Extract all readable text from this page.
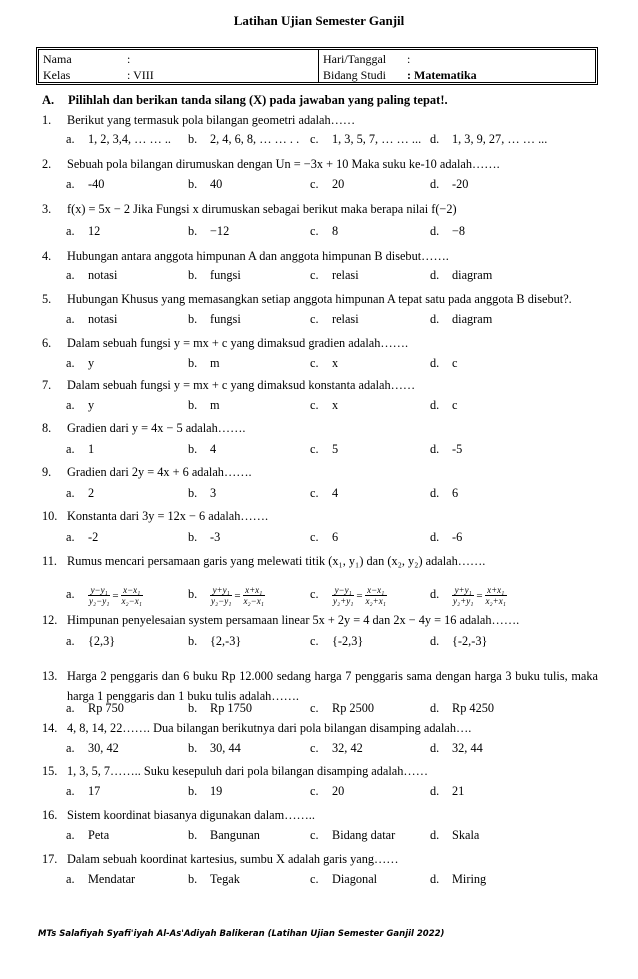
Latihan Ujian Semester Ganjil
Nama	:
Kelas	: VIII
Hari/Tanggal :
Bidang Studi : Matematika
A. Pilihlah dan berikan tanda silang (X) pada jawaban yang paling tepat!.
1. Berikut yang termasuk pola bilangan geometri adalah……
a. 1, 2, 3,4, … … .. b. 2, 4, 6, 8, … … . . c. 1, 3, 5, 7, … … ... d. 1, 3, 9, 27, … … ...
2. Sebuah pola bilangan dirumuskan dengan Un = −3x + 10 Maka suku ke-10 adalah…….
a. -40	b. 40	c. 20	d. -20
3. f(x) = 5x − 2 Jika Fungsi x dirumuskan sebagai berikut maka berapa nilai f(−2)
a. 12	b. −12	c. 8	d. −8
4. Hubungan antara anggota himpunan A dan anggota himpunan B disebut…….
a. notasi	b. fungsi	c. relasi	d. diagram
5. Hubungan Khusus yang memasangkan setiap anggota himpunan A tepat satu pada anggota B disebut?.
a. notasi	b. fungsi	c. relasi	d. diagram
6. Dalam sebuah fungsi y = mx + c yang dimaksud gradien adalah…….
a. y	b. m	c. x	d. c
7. Dalam sebuah fungsi y = mx + c yang dimaksud konstanta adalah……
a. y	b. m	c. x	d. c
8. Gradien dari y = 4x − 5 adalah…….
a. 1	b. 4	c. 5	d. -5
9. Gradien dari 2y = 4x + 6 adalah…….
a. 2	b. 3	c. 4	d. 6
10. Konstanta dari 3y = 12x − 6 adalah…….
a. -2	b. -3	c. 6	d. -6
11. Rumus mencari persamaan garis yang melewati titik (x₁, y₁) dan (x₂, y₂) adalah…….
a. $\frac{\text{y−y₁}}{\text{y₂−y₁}} = \frac{\text{x−x₁}}{\text{x₂−x₁}}$	b. $\frac{\text{y+y₁}}{\text{y₂−y₁}} = \frac{\text{x+x₁}}{\text{x₂−x₁}}$	c. $\frac{\text{y−y₁}}{\text{y₂+y₁}} = \frac{\text{x−x₁}}{\text{x₂+x₁}}$	d. $\frac{\text{y+y₁}}{\text{y₂+y₁}} = \frac{\text{x+x₁}}{\text{x₂+x₁}}$
12. Himpunan penyelesaian system persamaan linear 5x + 2y = 4 dan 2x − 4y = 16 adalah…….
a. {2,3}	b. {2,-3}	c. {-2,3}	d. {-2,-3}
13. Harga 2 penggaris dan 6 buku Rp 12.000 sedang harga 7 penggaris sama dengan harga 3 buku tulis, maka harga 1 penggaris dan 1 buku tulis adalah…….
a. Rp 750	b. Rp 1750	c. Rp 2500	d. Rp 4250
14. 4, 8, 14, 22……. Dua bilangan berikutnya dari pola bilangan disamping adalah….
a. 30, 42	b. 30, 44	c. 32, 42	d. 32, 44
15. 1, 3, 5, 7…….. Suku kesepuluh dari pola bilangan disamping adalah……
a. 17	b. 19	c. 20	d. 21
16. Sistem koordinat biasanya digunakan dalam……..
a. Peta	b. Bangunan	c. Bidang datar	d. Skala
17. Dalam sebuah koordinat kartesius, sumbu X adalah garis yang……
a. Mendatar	b. Tegak	c. Diagonal	d. Miring
MTs Salafiyah Syafi'iyah Al-As'Adiyah Balikeran (Latihan Ujian Semester Ganjil 2022)
